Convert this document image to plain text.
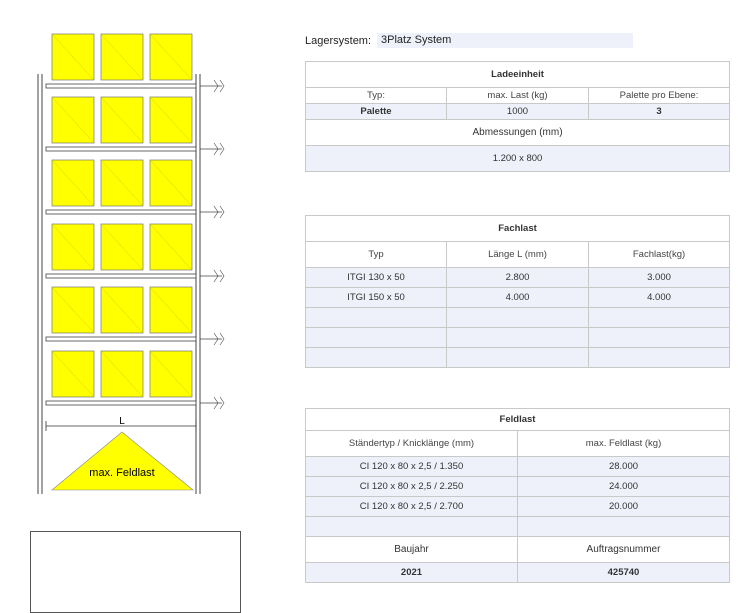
L
max. Feldlast
Lagersystem: 3Platz System
Ladeeinheit		
Typ:	max. Last (kg)	Palette pro Ebene:
Palette	1000	3
Abmessungen (mm)		
1.200 x 800		
Fachlast		
Typ	Länge L (mm)	Fachlast(kg)
ITGI 130 x 50	2.800	3.000
ITGI 150 x 50	4.000	4.000

Feldlast	
Ständertyp / Knicklänge (mm)	max. Feldlast (kg)
CI 120 x 80 x 2,5 / 1.350	28.000
CI 120 x 80 x 2,5 / 2.250	24.000
CI 120 x 80 x 2,5 / 2.700	20.000

Baujahr	Auftragsnummer
2021	425740
